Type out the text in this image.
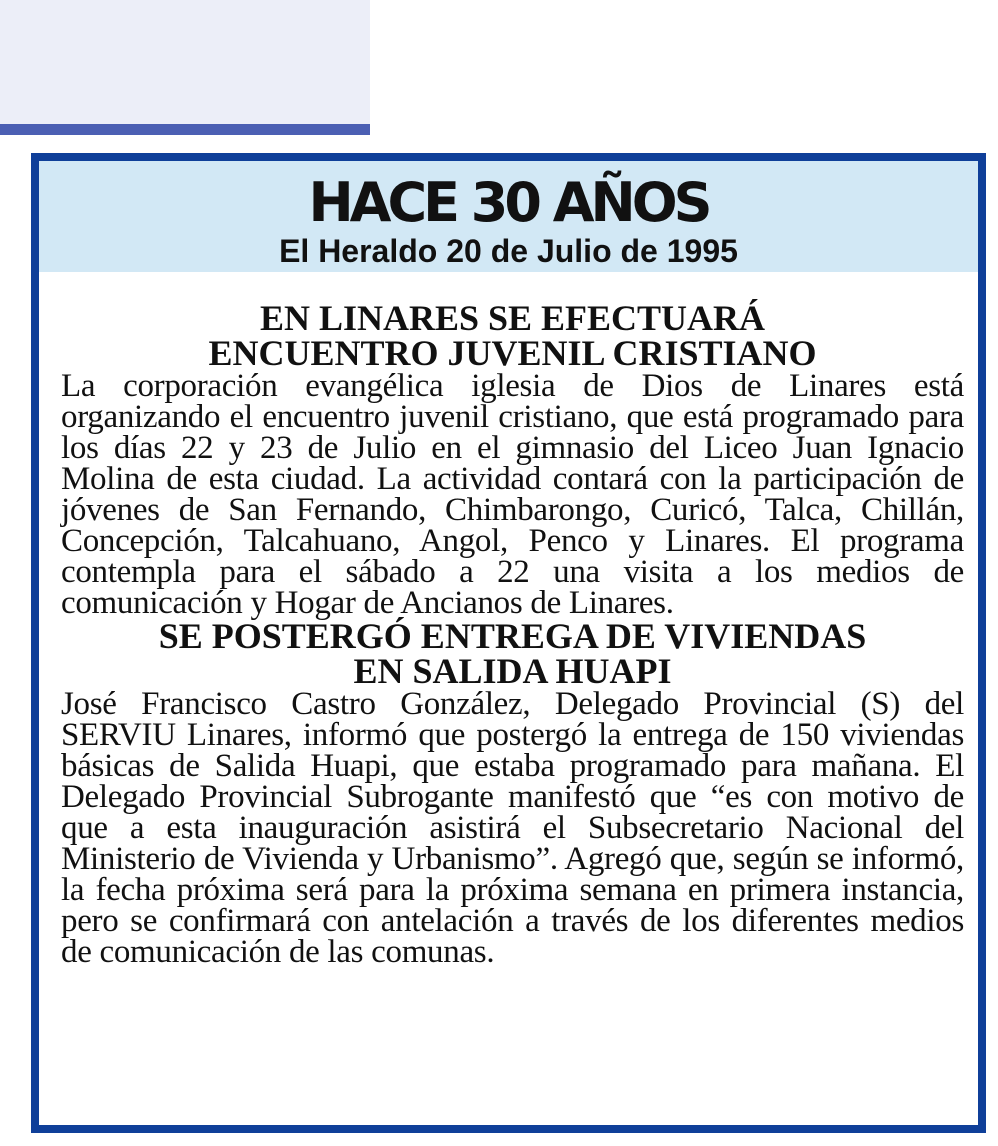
HACE 30 AÑOS
El Heraldo 20 de Julio de 1995

EN LINARES SE EFECTUARÁ
ENCUENTRO JUVENIL CRISTIANO

La corporación evangélica iglesia de Dios de Linares está organizando el encuentro juvenil cristiano, que está programado para los días 22 y 23 de Julio en el gimnasio del Liceo Juan Ignacio Molina de esta ciudad. La actividad contará con la participación de jóvenes de San Fernando, Chimbarongo, Curicó, Talca, Chillán, Concepción, Talcahuano, Angol, Penco y Linares. El programa contempla para el sábado a 22 una visita a los medios de comunicación y Hogar de Ancianos de Linares.

SE POSTERGÓ ENTREGA DE VIVIENDAS
EN SALIDA HUAPI

José Francisco Castro González, Delegado Provincial (S) del SERVIU Linares, informó que postergó la entrega de 150 viviendas básicas de Salida Huapi, que estaba programado para mañana. El Delegado Provincial Subrogante manifestó que “es con motivo de que a esta inauguración asistirá el Subsecretario Nacional del Ministerio de Vivienda y Urbanismo”. Agregó que, según se informó, la fecha próxima será para la próxima semana en primera instancia, pero se confirmará con antelación a través de los diferentes medios de comunicación de las comunas.
